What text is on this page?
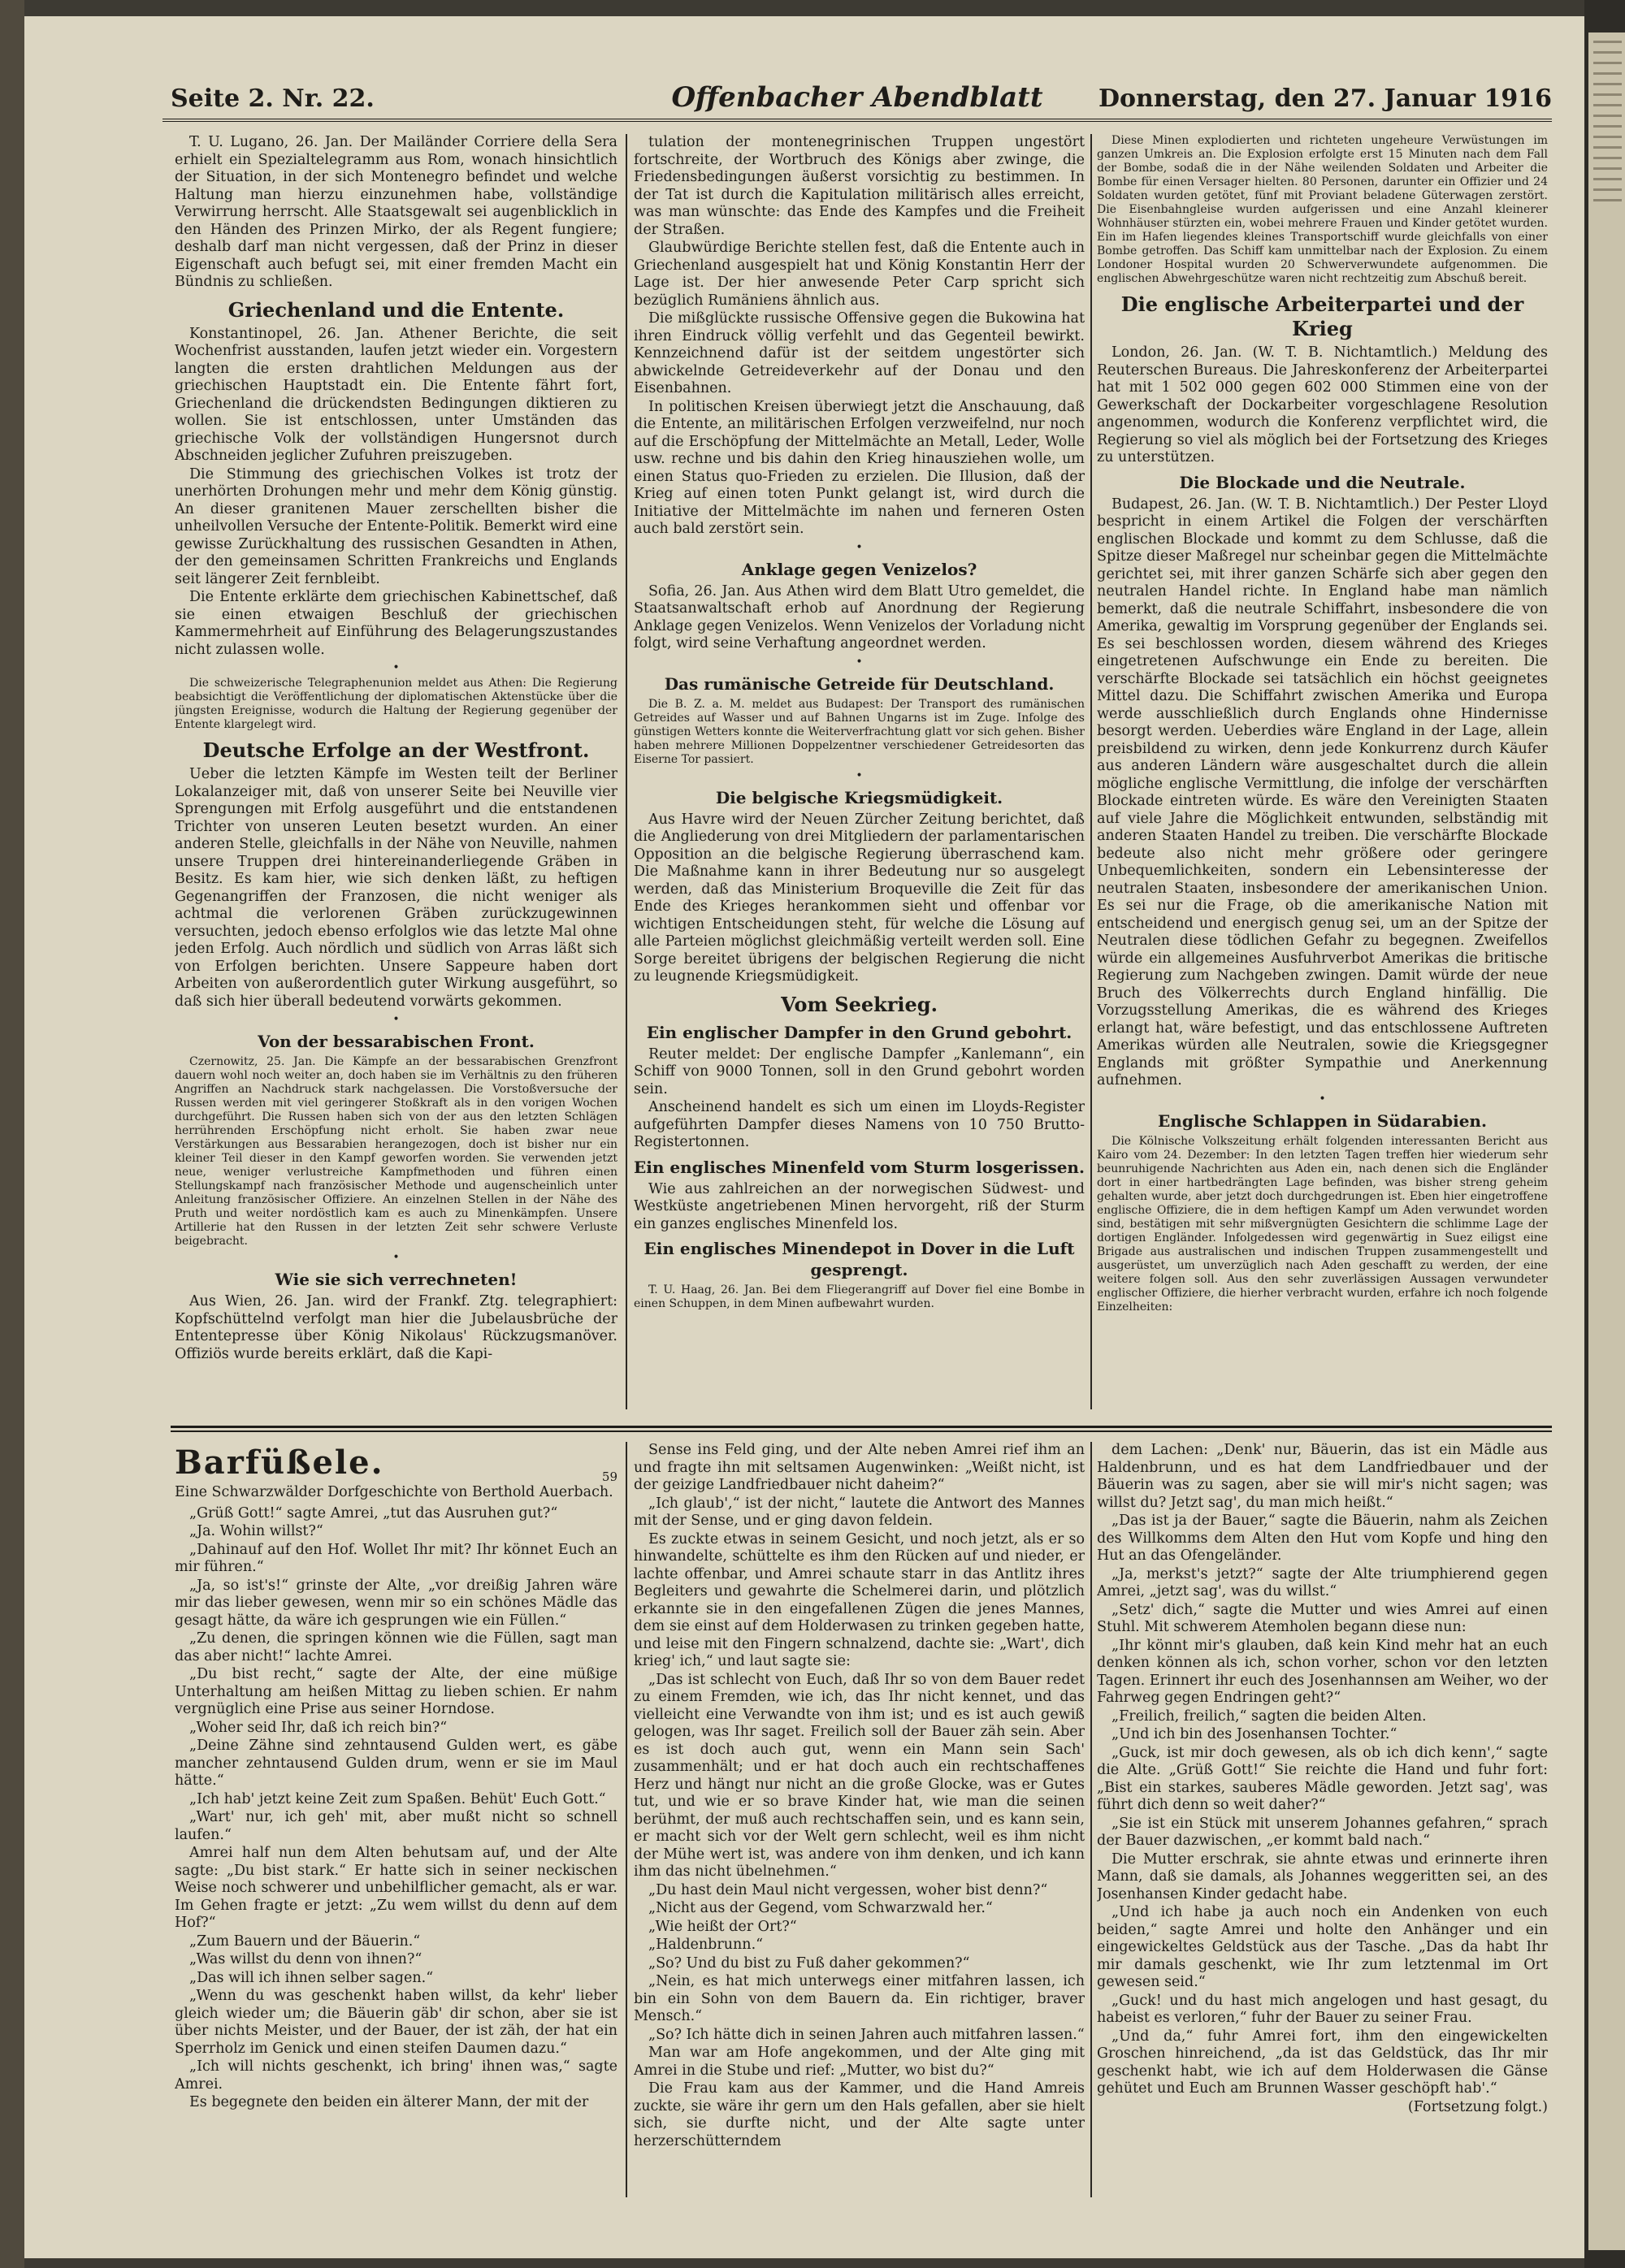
Seite 2. Nr. 22.	Offenbacher Abendblatt	Donnerstag, den 27. Januar 1916

T. U. Lugano, 26. Jan. Der Mailänder Corriere della Sera erhielt ein Spezialtelegramm aus Rom, wonach hinsichtlich der Situation, in der sich Montenegro befindet und welche Haltung man hierzu einzunehmen habe, vollständige Verwirrung herrscht. Alle Staatsgewalt sei augenblicklich in den Händen des Prinzen Mirko, der als Regent fungiere; deshalb darf man nicht vergessen, daß der Prinz in dieser Eigenschaft auch befugt sei, mit einer fremden Macht ein Bündnis zu schließen.

Griechenland und die Entente.

Konstantinopel, 26. Jan. Athener Berichte, die seit Wochenfrist ausstanden, laufen jetzt wieder ein. Vorgestern langten die ersten drahtlichen Meldungen aus der griechischen Hauptstadt ein. Die Entente fährt fort, Griechenland die drückendsten Bedingungen diktieren zu wollen. Sie ist entschlossen, unter Umständen das griechische Volk der vollständigen Hungersnot durch Abschneiden jeglicher Zufuhren preiszugeben.

Die Stimmung des griechischen Volkes ist trotz der unerhörten Drohungen mehr und mehr dem König günstig. An dieser granitenen Mauer zerschellten bisher die unheilvollen Versuche der Entente-Politik. Bemerkt wird eine gewisse Zurückhaltung des russischen Gesandten in Athen, der den gemeinsamen Schritten Frankreichs und Englands seit längerer Zeit fernbleibt.

Die Entente erklärte dem griechischen Kabinettschef, daß sie einen etwaigen Beschluß der griechischen Kammermehrheit auf Einführung des Belagerungszustandes nicht zulassen wolle.

•

Die schweizerische Telegraphenunion meldet aus Athen: Die Regierung beabsichtigt die Veröffentlichung der diplomatischen Aktenstücke über die jüngsten Ereignisse, wodurch die Haltung der Regierung gegenüber der Entente klargelegt wird.

Deutsche Erfolge an der Westfront.

Ueber die letzten Kämpfe im Westen teilt der Berliner Lokalanzeiger mit, daß von unserer Seite bei Neuville vier Sprengungen mit Erfolg ausgeführt und die entstandenen Trichter von unseren Leuten besetzt wurden. An einer anderen Stelle, gleichfalls in der Nähe von Neuville, nahmen unsere Truppen drei hintereinanderliegende Gräben in Besitz. Es kam hier, wie sich denken läßt, zu heftigen Gegenangriffen der Franzosen, die nicht weniger als achtmal die verlorenen Gräben zurückzugewinnen versuchten, jedoch ebenso erfolglos wie das letzte Mal ohne jeden Erfolg. Auch nördlich und südlich von Arras läßt sich von Erfolgen berichten. Unsere Sappeure haben dort Arbeiten von außerordentlich guter Wirkung ausgeführt, so daß sich hier überall bedeutend vorwärts gekommen.

•
Von der bessarabischen Front.

Czernowitz, 25. Jan. Die Kämpfe an der bessarabischen Grenzfront dauern wohl noch weiter an, doch haben sie im Verhältnis zu den früheren Angriffen an Nachdruck stark nachgelassen. Die Vorstoßversuche der Russen werden mit viel geringerer Stoßkraft als in den vorigen Wochen durchgeführt. Die Russen haben sich von der aus den letzten Schlägen herrührenden Erschöpfung nicht erholt. Sie haben zwar neue Verstärkungen aus Bessarabien herangezogen, doch ist bisher nur ein kleiner Teil dieser in den Kampf geworfen worden. Sie verwenden jetzt neue, weniger verlustreiche Kampfmethoden und führen einen Stellungskampf nach französischer Methode und augenscheinlich unter Anleitung französischer Offiziere. An einzelnen Stellen in der Nähe des Pruth und weiter nordöstlich kam es auch zu Minenkämpfen. Unsere Artillerie hat den Russen in der letzten Zeit sehr schwere Verluste beigebracht.

•
Wie sie sich verrechneten!

Aus Wien, 26. Jan. wird der Frankf. Ztg. telegraphiert: Kopfschüttelnd verfolgt man hier die Jubelausbrüche der Ententepresse über König Nikolaus' Rückzugsmanöver. Offiziös wurde bereits erklärt, daß die Kapi-

tulation der montenegrinischen Truppen ungestört fortschreite, der Wortbruch des Königs aber zwinge, die Friedensbedingungen äußerst vorsichtig zu bestimmen. In der Tat ist durch die Kapitulation militärisch alles erreicht, was man wünschte: das Ende des Kampfes und die Freiheit der Straßen.

Glaubwürdige Berichte stellen fest, daß die Entente auch in Griechenland ausgespielt hat und König Konstantin Herr der Lage ist. Der hier anwesende Peter Carp spricht sich bezüglich Rumäniens ähnlich aus.

Die mißglückte russische Offensive gegen die Bukowina hat ihren Eindruck völlig verfehlt und das Gegenteil bewirkt. Kennzeichnend dafür ist der seitdem ungestörter sich abwickelnde Getreideverkehr auf der Donau und den Eisenbahnen.

In politischen Kreisen überwiegt jetzt die Anschauung, daß die Entente, an militärischen Erfolgen verzweifelnd, nur noch auf die Erschöpfung der Mittelmächte an Metall, Leder, Wolle usw. rechne und bis dahin den Krieg hinausziehen wolle, um einen Status quo-Frieden zu erzielen. Die Illusion, daß der Krieg auf einen toten Punkt gelangt ist, wird durch die Initiative der Mittelmächte im nahen und ferneren Osten auch bald zerstört sein.

•
Anklage gegen Venizelos?

Sofia, 26. Jan. Aus Athen wird dem Blatt Utro gemeldet, die Staatsanwaltschaft erhob auf Anordnung der Regierung Anklage gegen Venizelos. Wenn Venizelos der Vorladung nicht folgt, wird seine Verhaftung angeordnet werden.

•
Das rumänische Getreide für Deutschland.

Die B. Z. a. M. meldet aus Budapest: Der Transport des rumänischen Getreides auf Wasser und auf Bahnen Ungarns ist im Zuge. Infolge des günstigen Wetters konnte die Weiterverfrachtung glatt vor sich gehen. Bisher haben mehrere Millionen Doppelzentner verschiedener Getreidesorten das Eiserne Tor passiert.

•
Die belgische Kriegsmüdigkeit.

Aus Havre wird der Neuen Zürcher Zeitung berichtet, daß die Angliederung von drei Mitgliedern der parlamentarischen Opposition an die belgische Regierung überraschend kam. Die Maßnahme kann in ihrer Bedeutung nur so ausgelegt werden, daß das Ministerium Broqueville die Zeit für das Ende des Krieges herankommen sieht und offenbar vor wichtigen Entscheidungen steht, für welche die Lösung auf alle Parteien möglichst gleichmäßig verteilt werden soll. Eine Sorge bereitet übrigens der belgischen Regierung die nicht zu leugnende Kriegsmüdigkeit.

Vom Seekrieg.
Ein englischer Dampfer in den Grund gebohrt.

Reuter meldet: Der englische Dampfer „Kanlemann“, ein Schiff von 9000 Tonnen, soll in den Grund gebohrt worden sein.

Anscheinend handelt es sich um einen im Lloyds-Register aufgeführten Dampfer dieses Namens von 10 750 Brutto-Registertonnen.

Ein englisches Minenfeld vom Sturm losgerissen.

Wie aus zahlreichen an der norwegischen Südwest- und Westküste angetriebenen Minen hervorgeht, riß der Sturm ein ganzes englisches Minenfeld los.

Ein englisches Minendepot in Dover in die Luft gesprengt.

T. U. Haag, 26. Jan. Bei dem Fliegerangriff auf Dover fiel eine Bombe in einen Schuppen, in dem Minen aufbewahrt wurden.

Diese Minen explodierten und richteten ungeheure Verwüstungen im ganzen Umkreis an. Die Explosion erfolgte erst 15 Minuten nach dem Fall der Bombe, sodaß die in der Nähe weilenden Soldaten und Arbeiter die Bombe für einen Versager hielten. 80 Personen, darunter ein Offizier und 24 Soldaten wurden getötet, fünf mit Proviant beladene Güterwagen zerstört. Die Eisenbahngleise wurden aufgerissen und eine Anzahl kleinerer Wohnhäuser stürzten ein, wobei mehrere Frauen und Kinder getötet wurden. Ein im Hafen liegendes kleines Transportschiff wurde gleichfalls von einer Bombe getroffen. Das Schiff kam unmittelbar nach der Explosion. Zu einem Londoner Hospital wurden 20 Schwerverwundete aufgenommen. Die englischen Abwehrgeschütze waren nicht rechtzeitig zum Abschuß bereit.

Die englische Arbeiterpartei und der Krieg

London, 26. Jan. (W. T. B. Nichtamtlich.) Meldung des Reuterschen Bureaus. Die Jahreskonferenz der Arbeiterpartei hat mit 1 502 000 gegen 602 000 Stimmen eine von der Gewerkschaft der Dockarbeiter vorgeschlagene Resolution angenommen, wodurch die Konferenz verpflichtet wird, die Regierung so viel als möglich bei der Fortsetzung des Krieges zu unterstützen.

Die Blockade und die Neutrale.

Budapest, 26. Jan. (W. T. B. Nichtamtlich.) Der Pester Lloyd bespricht in einem Artikel die Folgen der verschärften englischen Blockade und kommt zu dem Schlusse, daß die Spitze dieser Maßregel nur scheinbar gegen die Mittelmächte gerichtet sei, mit ihrer ganzen Schärfe sich aber gegen den neutralen Handel richte. In England habe man nämlich bemerkt, daß die neutrale Schiffahrt, insbesondere die von Amerika, gewaltig im Vorsprung gegenüber der Englands sei. Es sei beschlossen worden, diesem während des Krieges eingetretenen Aufschwunge ein Ende zu bereiten. Die verschärfte Blockade sei tatsächlich ein höchst geeignetes Mittel dazu. Die Schiffahrt zwischen Amerika und Europa werde ausschließlich durch Englands ohne Hindernisse besorgt werden. Ueberdies wäre England in der Lage, allein preisbildend zu wirken, denn jede Konkurrenz durch Käufer aus anderen Ländern wäre ausgeschaltet durch die allein mögliche englische Vermittlung, die infolge der verschärften Blockade eintreten würde. Es wäre den Vereinigten Staaten auf viele Jahre die Möglichkeit entwunden, selbständig mit anderen Staaten Handel zu treiben. Die verschärfte Blockade bedeute also nicht mehr größere oder geringere Unbequemlichkeiten, sondern ein Lebensinteresse der neutralen Staaten, insbesondere der amerikanischen Union. Es sei nur die Frage, ob die amerikanische Nation mit entscheidend und energisch genug sei, um an der Spitze der Neutralen diese tödlichen Gefahr zu begegnen. Zweifellos würde ein allgemeines Ausfuhrverbot Amerikas die britische Regierung zum Nachgeben zwingen. Damit würde der neue Bruch des Völkerrechts durch England hinfällig. Die Vorzugsstellung Amerikas, die es während des Krieges erlangt hat, wäre befestigt, und das entschlossene Auftreten Amerikas würden alle Neutralen, sowie die Kriegsgegner Englands mit größter Sympathie und Anerkennung aufnehmen.

•
Englische Schlappen in Südarabien.

Die Kölnische Volkszeitung erhält folgenden interessanten Bericht aus Kairo vom 24. Dezember: In den letzten Tagen treffen hier wiederum sehr beunruhigende Nachrichten aus Aden ein, nach denen sich die Engländer dort in einer hartbedrängten Lage befinden, was bisher streng geheim gehalten wurde, aber jetzt doch durchgedrungen ist. Eben hier eingetroffene englische Offiziere, die in dem heftigen Kampf um Aden verwundet worden sind, bestätigen mit sehr mißvergnügten Gesichtern die schlimme Lage der dortigen Engländer. Infolgedessen wird gegenwärtig in Suez eiligst eine Brigade aus australischen und indischen Truppen zusammengestellt und ausgerüstet, um unverzüglich nach Aden geschafft zu werden, der eine weitere folgen soll. Aus den sehr zuverlässigen Aussagen verwundeter englischer Offiziere, die hierher verbracht wurden, erfahre ich noch folgende Einzelheiten:

Barfüßele.	59
Eine Schwarzwälder Dorfgeschichte von Berthold Auerbach.

„Grüß Gott!“ sagte Amrei, „tut das Ausruhen gut?“

„Ja. Wohin willst?“

„Dahinauf auf den Hof. Wollet Ihr mit? Ihr könnet Euch an mir führen.“

„Ja, so ist's!“ grinste der Alte, „vor dreißig Jahren wäre mir das lieber gewesen, wenn mir so ein schönes Mädle das gesagt hätte, da wäre ich gesprungen wie ein Füllen.“

„Zu denen, die springen können wie die Füllen, sagt man das aber nicht!“ lachte Amrei.

„Du bist recht,“ sagte der Alte, der eine müßige Unterhaltung am heißen Mittag zu lieben schien. Er nahm vergnüglich eine Prise aus seiner Horndose.

„Woher seid Ihr, daß ich reich bin?“

„Deine Zähne sind zehntausend Gulden wert, es gäbe mancher zehntausend Gulden drum, wenn er sie im Maul hätte.“

„Ich hab' jetzt keine Zeit zum Spaßen. Behüt' Euch Gott.“

„Wart' nur, ich geh' mit, aber mußt nicht so schnell laufen.“

Amrei half nun dem Alten behutsam auf, und der Alte sagte: „Du bist stark.“ Er hatte sich in seiner neckischen Weise noch schwerer und unbehilflicher gemacht, als er war. Im Gehen fragte er jetzt: „Zu wem willst du denn auf dem Hof?“

„Zum Bauern und der Bäuerin.“

„Was willst du denn von ihnen?“

„Das will ich ihnen selber sagen.“

„Wenn du was geschenkt haben willst, da kehr' lieber gleich wieder um; die Bäuerin gäb' dir schon, aber sie ist über nichts Meister, und der Bauer, der ist zäh, der hat ein Sperrholz im Genick und einen steifen Daumen dazu.“

„Ich will nichts geschenkt, ich bring' ihnen was,“ sagte Amrei.

Es begegnete den beiden ein älterer Mann, der mit der

Sense ins Feld ging, und der Alte neben Amrei rief ihm an und fragte ihn mit seltsamen Augenwinken: „Weißt nicht, ist der geizige Landfriedbauer nicht daheim?“

„Ich glaub',“ ist der nicht,“ lautete die Antwort des Mannes mit der Sense, und er ging davon feldein.

Es zuckte etwas in seinem Gesicht, und noch jetzt, als er so hinwandelte, schüttelte es ihm den Rücken auf und nieder, er lachte offenbar, und Amrei schaute starr in das Antlitz ihres Begleiters und gewahrte die Schelmerei darin, und plötzlich erkannte sie in den eingefallenen Zügen die jenes Mannes, dem sie einst auf dem Holderwasen zu trinken gegeben hatte, und leise mit den Fingern schnalzend, dachte sie: „Wart', dich krieg' ich,“ und laut sagte sie:

„Das ist schlecht von Euch, daß Ihr so von dem Bauer redet zu einem Fremden, wie ich, das Ihr nicht kennet, und das vielleicht eine Verwandte von ihm ist; und es ist auch gewiß gelogen, was Ihr saget. Freilich soll der Bauer zäh sein. Aber es ist doch auch gut, wenn ein Mann sein Sach' zusammenhält; und er hat doch auch ein rechtschaffenes Herz und hängt nur nicht an die große Glocke, was er Gutes tut, und wie er so brave Kinder hat, wie man die seinen berühmt, der muß auch rechtschaffen sein, und es kann sein, er macht sich vor der Welt gern schlecht, weil es ihm nicht der Mühe wert ist, was andere von ihm denken, und ich kann ihm das nicht übelnehmen.“

„Du hast dein Maul nicht vergessen, woher bist denn?“

„Nicht aus der Gegend, vom Schwarzwald her.“

„Wie heißt der Ort?“

„Haldenbrunn.“

„So? Und du bist zu Fuß daher gekommen?“

„Nein, es hat mich unterwegs einer mitfahren lassen, ich bin ein Sohn von dem Bauern da. Ein richtiger, braver Mensch.“

„So? Ich hätte dich in seinen Jahren auch mitfahren lassen.“

Man war am Hofe angekommen, und der Alte ging mit Amrei in die Stube und rief: „Mutter, wo bist du?“

Die Frau kam aus der Kammer, und die Hand Amreis zuckte, sie wäre ihr gern um den Hals gefallen, aber sie hielt sich, sie durfte nicht, und der Alte sagte unter herzerschütterndem

dem Lachen: „Denk' nur, Bäuerin, das ist ein Mädle aus Haldenbrunn, und es hat dem Landfriedbauer und der Bäuerin was zu sagen, aber sie will mir's nicht sagen; was willst du? Jetzt sag', du man mich heißt.“

„Das ist ja der Bauer,“ sagte die Bäuerin, nahm als Zeichen des Willkomms dem Alten den Hut vom Kopfe und hing den Hut an das Ofengeländer.

„Ja, merkst's jetzt?“ sagte der Alte triumphierend gegen Amrei, „jetzt sag', was du willst.“

„Setz' dich,“ sagte die Mutter und wies Amrei auf einen Stuhl. Mit schwerem Atemholen begann diese nun:

„Ihr könnt mir's glauben, daß kein Kind mehr hat an euch denken können als ich, schon vorher, schon vor den letzten Tagen. Erinnert ihr euch des Josenhannsen am Weiher, wo der Fahrweg gegen Endringen geht?“

„Freilich, freilich,“ sagten die beiden Alten.

„Und ich bin des Josenhansen Tochter.“

„Guck, ist mir doch gewesen, als ob ich dich kenn',“ sagte die Alte. „Grüß Gott!“ Sie reichte die Hand und fuhr fort: „Bist ein starkes, sauberes Mädle geworden. Jetzt sag', was führt dich denn so weit daher?“

„Sie ist ein Stück mit unserem Johannes gefahren,“ sprach der Bauer dazwischen, „er kommt bald nach.“

Die Mutter erschrak, sie ahnte etwas und erinnerte ihren Mann, daß sie damals, als Johannes weggeritten sei, an des Josenhansen Kinder gedacht habe.

„Und ich habe ja auch noch ein Andenken von euch beiden,“ sagte Amrei und holte den Anhänger und ein eingewickeltes Geldstück aus der Tasche. „Das da habt Ihr mir damals geschenkt, wie Ihr zum letztenmal im Ort gewesen seid.“

„Guck! und du hast mich angelogen und hast gesagt, du habeist es verloren,“ fuhr der Bauer zu seiner Frau.

„Und da,“ fuhr Amrei fort, ihm den eingewickelten Groschen hinreichend, „da ist das Geldstück, das Ihr mir geschenkt habt, wie ich auf dem Holderwasen die Gänse gehütet und Euch am Brunnen Wasser geschöpft hab'.“

(Fortsetzung folgt.)
